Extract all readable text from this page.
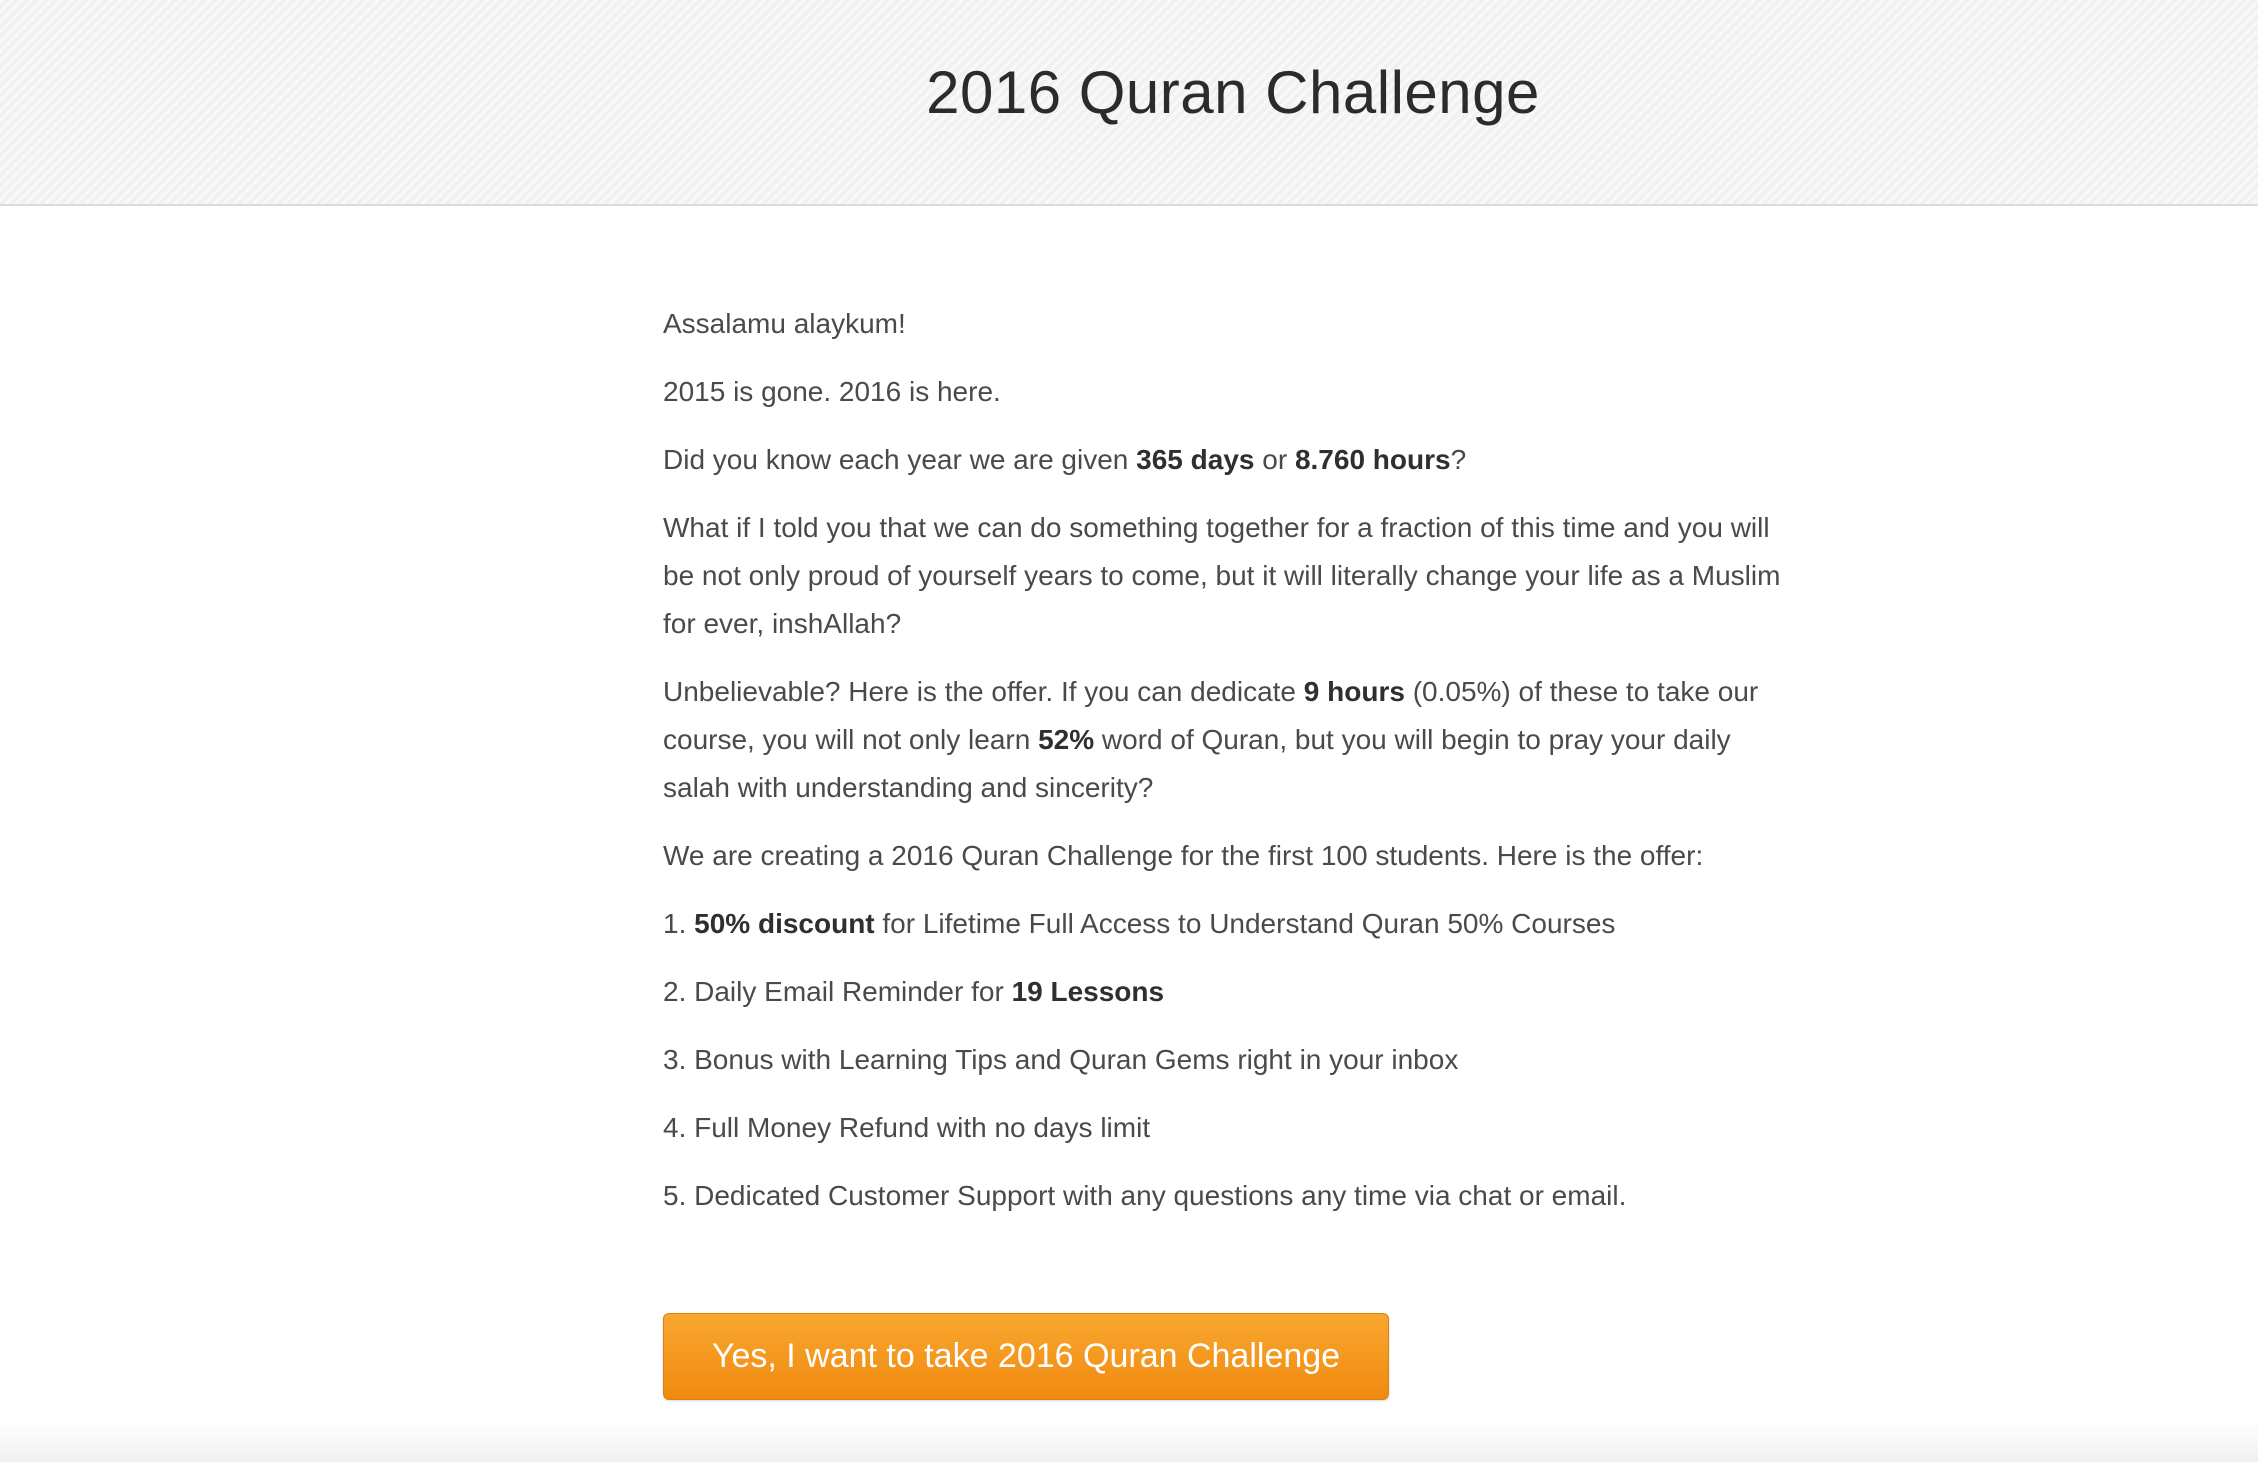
2016 Quran Challenge

Assalamu alaykum!

2015 is gone. 2016 is here.

Did you know each year we are given 365 days or 8.760 hours?

What if I told you that we can do something together for a fraction of this time and you will be not only proud of yourself years to come, but it will literally change your life as a Muslim for ever, inshAllah?

Unbelievable? Here is the offer. If you can dedicate 9 hours (0.05%) of these to take our course, you will not only learn 52% word of Quran, but you will begin to pray your daily salah with understanding and sincerity?

We are creating a 2016 Quran Challenge for the first 100 students. Here is the offer:

1. 50% discount for Lifetime Full Access to Understand Quran 50% Courses

2. Daily Email Reminder for 19 Lessons

3. Bonus with Learning Tips and Quran Gems right in your inbox

4. Full Money Refund with no days limit

5. Dedicated Customer Support with any questions any time via chat or email.

Yes, I want to take 2016 Quran Challenge
